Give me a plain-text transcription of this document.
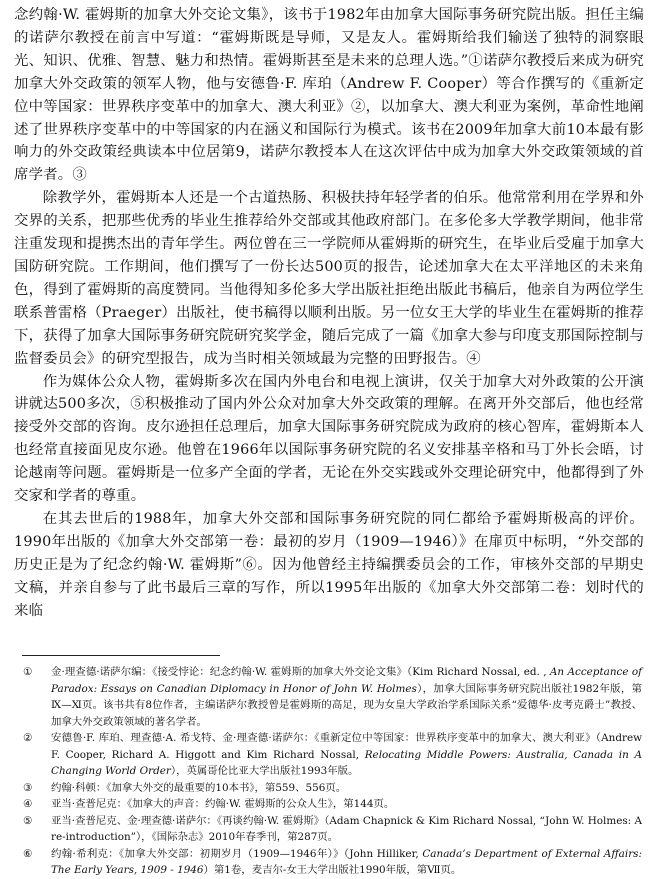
念约翰·W. 霍姆斯的加拿大外交论文集》，该书于1982年由加拿大国际事务研究院出版。担任主编的诺萨尔教授在前言中写道：“霍姆斯既是导师，又是友人。霍姆斯给我们输送了独特的洞察眼光、知识、优雅、智慧、魅力和热情。霍姆斯甚至是未来的总理人选。”①诺萨尔教授后来成为研究加拿大外交政策的领军人物，他与安德鲁·F. 库珀（Andrew F. Cooper）等合作撰写的《重新定位中等国家：世界秩序变革中的加拿大、澳大利亚》②，以加拿大、澳大利亚为案例，革命性地阐述了世界秩序变革中的中等国家的内在涵义和国际行为模式。该书在2009年加拿大前10本最有影响力的外交政策经典读本中位居第9，诺萨尔教授本人在这次评估中成为加拿大外交政策领域的首席学者。③

除教学外，霍姆斯本人还是一个古道热肠、积极扶持年轻学者的伯乐。他常常利用在学界和外交界的关系，把那些优秀的毕业生推荐给外交部或其他政府部门。在多伦多大学教学期间，他非常注重发现和提携杰出的青年学生。两位曾在三一学院师从霍姆斯的研究生，在毕业后受雇于加拿大国防研究院。工作期间，他们撰写了一份长达500页的报告，论述加拿大在太平洋地区的未来角色，得到了霍姆斯的高度赞同。当他得知多伦多大学出版社拒绝出版此书稿后，他亲自为两位学生联系普雷格（Praeger）出版社，使书稿得以顺利出版。另一位女王大学的毕业生在霍姆斯的推荐下，获得了加拿大国际事务研究院研究奖学金，随后完成了一篇《加拿大参与印度支那国际控制与监督委员会》的研究型报告，成为当时相关领域最为完整的田野报告。④

作为媒体公众人物，霍姆斯多次在国内外电台和电视上演讲，仅关于加拿大对外政策的公开演讲就达500多次，⑤积极推动了国内外公众对加拿大外交政策的理解。在离开外交部后，他也经常接受外交部的咨询。皮尔逊担任总理后，加拿大国际事务研究院成为政府的核心智库，霍姆斯本人也经常直接面见皮尔逊。他曾在1966年以国际事务研究院的名义安排基辛格和马丁外长会晤，讨论越南等问题。霍姆斯是一位多产全面的学者，无论在外交实践或外交理论研究中，他都得到了外交家和学者的尊重。

在其去世后的1988年，加拿大外交部和国际事务研究院的同仁都给予霍姆斯极高的评价。1990年出版的《加拿大外交部第一卷：最初的岁月（1909—1946）》在扉页中标明，“外交部的历史正是为了纪念约翰·W. 霍姆斯”⑥。因为他曾经主持编撰委员会的工作，审核外交部的早期史文稿，并亲自参与了此书最后三章的写作，所以1995年出版的《加拿大外交部第二卷：划时代的来临

①	金·理查德·诺萨尔编：《接受悖论：纪念约翰·W. 霍姆斯的加拿大外交论文集》（Kim Richard Nossal, ed. , An Acceptance of Paradox: Essays on Canadian Diplomacy in Honor of John W. Holmes），加拿大国际事务研究院出版社1982年版，第Ⅸ—Ⅺ页。该书共有8位作者，主编诺萨尔教授曾是霍姆斯的高足，现为女皇大学政治学系国际关系“爱德华·皮考克爵士”教授、加拿大外交政策领域的著名学者。
②	安德鲁·F. 库珀、理查德·A. 希戈特、金·理查德·诺萨尔：《重新定位中等国家：世界秩序变革中的加拿大、澳大利亚》（Andrew F. Cooper, Richard A. Higgott and Kim Richard Nossal, Relocating Middle Powers: Australia, Canada in A Changing World Order），英属哥伦比亚大学出版社1993年版。
③	约翰·科顿：《加拿大外交的最重要的10本书》，第559、556页。
④	亚当·查普尼克：《加拿大的声音：约翰·W. 霍姆斯的公众人生》，第144页。
⑤	亚当·查普尼克、金·理查德·诺萨尔：《再谈约翰·W. 霍姆斯》（Adam Chapnick & Kim Richard Nossal, “John W. Holmes: A re-introduction”），《国际杂志》2010年春季刊，第287页。
⑥	约翰·希利克：《加拿大外交部：初期岁月（1909—1946年）》（John Hilliker, Canada’s Department of External Affairs: The Early Years, 1909 - 1946）第1卷，麦吉尔-女王大学出版社1990年版，第Ⅶ页。
